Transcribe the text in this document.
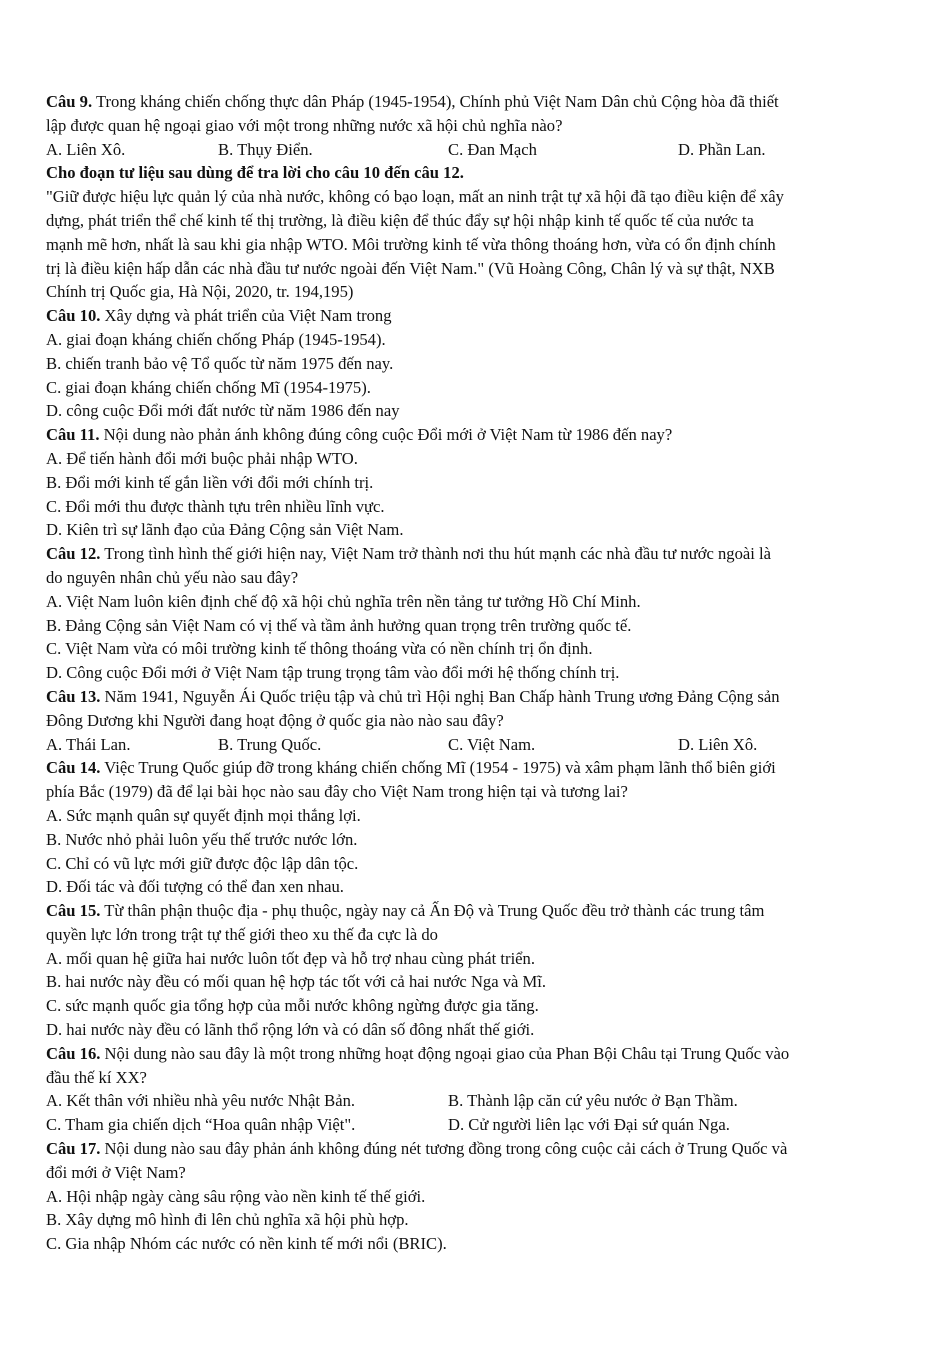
Câu 9. Trong kháng chiến chống thực dân Pháp (1945-1954), Chính phủ Việt Nam Dân chủ Cộng hòa đã thiết
lập được quan hệ ngoại giao với một trong những nước xã hội chủ nghĩa nào?
A. Liên Xô.	B. Thụy Điển.	C. Đan Mạch	D. Phần Lan.
Cho đoạn tư liệu sau dùng để tra lời cho câu 10 đến câu 12.
"Giữ được hiệu lực quản lý của nhà nước, không có bạo loạn, mất an ninh trật tự xã hội đã tạo điều kiện để xây
dựng, phát triển thể chế kinh tế thị trường, là điều kiện để thúc đẩy sự hội nhập kinh tế quốc tế của nước ta
mạnh mẽ hơn, nhất là sau khi gia nhập WTO. Môi trường kinh tế vừa thông thoáng hơn, vừa có ổn định chính
trị là điều kiện hấp dẫn các nhà đầu tư nước ngoài đến Việt Nam." (Vũ Hoàng Công, Chân lý và sự thật, NXB
Chính trị Quốc gia, Hà Nội, 2020, tr. 194,195)
Câu 10. Xây dựng và phát triển của Việt Nam trong
A. giai đoạn kháng chiến chống Pháp (1945-1954).
B. chiến tranh bảo vệ Tổ quốc từ năm 1975 đến nay.
C. giai đoạn kháng chiến chống Mĩ (1954-1975).
D. công cuộc Đổi mới đất nước từ năm 1986 đến nay
Câu 11. Nội dung nào phản ánh không đúng công cuộc Đổi mới ở Việt Nam từ 1986 đến nay?
A. Để tiến hành đổi mới buộc phải nhập WTO.
B. Đổi mới kinh tế gắn liền với đổi mới chính trị.
C. Đổi mới thu được thành tựu trên nhiều lĩnh vực.
D. Kiên trì sự lãnh đạo của Đảng Cộng sản Việt Nam.
Câu 12. Trong tình hình thế giới hiện nay, Việt Nam trở thành nơi thu hút mạnh các nhà đầu tư nước ngoài là
do nguyên nhân chủ yếu nào sau đây?
A. Việt Nam luôn kiên định chế độ xã hội chủ nghĩa trên nền tảng tư tưởng Hồ Chí Minh.
B. Đảng Cộng sản Việt Nam có vị thế và tầm ảnh hưởng quan trọng trên trường quốc tế.
C. Việt Nam vừa có môi trường kinh tế thông thoáng vừa có nền chính trị ổn định.
D. Công cuộc Đổi mới ở Việt Nam tập trung trọng tâm vào đổi mới hệ thống chính trị.
Câu 13. Năm 1941, Nguyễn Ái Quốc triệu tập và chủ trì Hội nghị Ban Chấp hành Trung ương Đảng Cộng sản
Đông Dương khi Người đang hoạt động ở quốc gia nào nào sau đây?
A. Thái Lan.	B. Trung Quốc.	C. Việt Nam.	D. Liên Xô.
Câu 14. Việc Trung Quốc giúp đỡ trong kháng chiến chống Mĩ (1954 - 1975) và xâm phạm lãnh thổ biên giới
phía Bắc (1979) đã để lại bài học nào sau đây cho Việt Nam trong hiện tại và tương lai?
A. Sức mạnh quân sự quyết định mọi thắng lợi.
B. Nước nhỏ phải luôn yếu thế trước nước lớn.
C. Chỉ có vũ lực mới giữ được độc lập dân tộc.
D. Đối tác và đối tượng có thể đan xen nhau.
Câu 15. Từ thân phận thuộc địa - phụ thuộc, ngày nay cả Ấn Độ và Trung Quốc đều trở thành các trung tâm
quyền lực lớn trong trật tự thế giới theo xu thế đa cực là do
A. mối quan hệ giữa hai nước luôn tốt đẹp và hỗ trợ nhau cùng phát triển.
B. hai nước này đều có mối quan hệ hợp tác tốt với cả hai nước Nga và Mĩ.
C. sức mạnh quốc gia tổng hợp của mỗi nước không ngừng được gia tăng.
D. hai nước này đều có lãnh thổ rộng lớn và có dân số đông nhất thế giới.
Câu 16. Nội dung nào sau đây là một trong những hoạt động ngoại giao của Phan Bội Châu tại Trung Quốc vào
đầu thế kí XX?
A. Kết thân với nhiều nhà yêu nước Nhật Bản.	B. Thành lập căn cứ yêu nước ở Bạn Thầm.
C. Tham gia chiến dịch “Hoa quân nhập Việt".	D. Cử người liên lạc với Đại sứ quán Nga.
Câu 17. Nội dung nào sau đây phản ánh không đúng nét tương đồng trong công cuộc cải cách ở Trung Quốc và
đổi mới ở Việt Nam?
A. Hội nhập ngày càng sâu rộng vào nền kinh tế thế giới.
B. Xây dựng mô hình đi lên chủ nghĩa xã hội phù hợp.
C. Gia nhập Nhóm các nước có nền kinh tế mới nổi (BRIC).
